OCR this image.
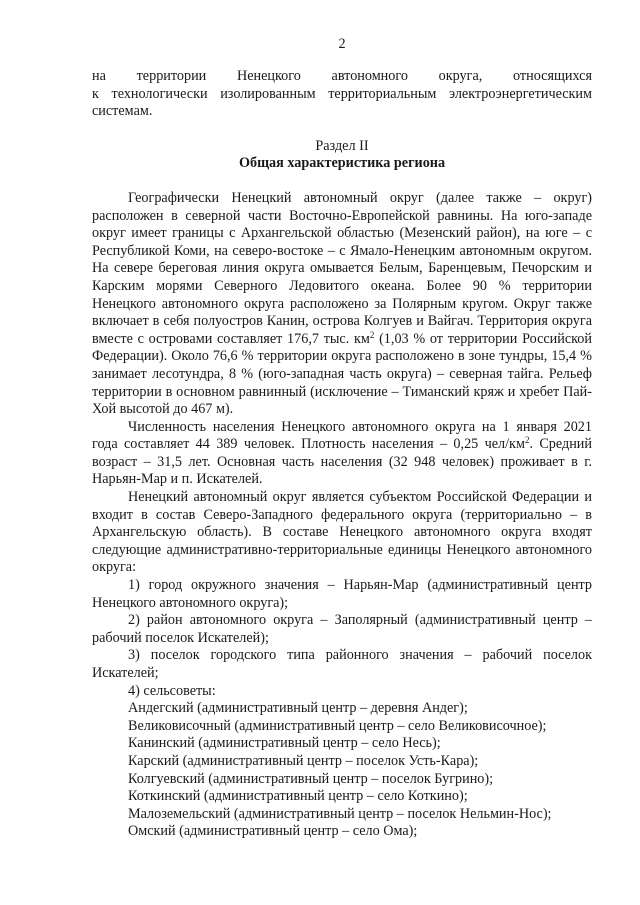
2

на территории Ненецкого автономного округа, относящихся

к технологически изолированным территориальным электроэнергетическим системам.

Раздел II

Общая характеристика региона

Географически Ненецкий автономный округ (далее также – округ) расположен в северной части Восточно-Европейской равнины. На юго-западе округ имеет границы с Архангельской областью (Мезенский район), на юге – с Республикой Коми, на северо-востоке – с Ямало-Ненецким автономным округом. На севере береговая линия округа омывается Белым, Баренцевым, Печорским и Карским морями Северного Ледовитого океана. Более 90 % территории Ненецкого автономного округа расположено за Полярным кругом. Округ также включает в себя полуостров Канин, острова Колгуев и Вайгач. Территория округа вместе с островами составляет 176,7 тыс. $км^2$ (1,03 % от территории Российской Федерации). Около 76,6 % территории округа расположено в зоне тундры, 15,4 % занимает лесотундра, 8 % (юго-западная часть округа) – северная тайга. Рельеф территории в основном равнинный (исключение – Тиманский кряж и хребет Пай-Хой высотой до 467 м).

Численность населения Ненецкого автономного округа на 1 января 2021 года составляет 44 389 человек. Плотность населения – 0,25 чел/$км^2$. Средний возраст – 31,5 лет. Основная часть населения (32 948 человек) проживает в г. Нарьян-Мар и п. Искателей.

Ненецкий автономный округ является субъектом Российской Федерации и входит в состав Северо-Западного федерального округа (территориально – в Архангельскую область). В составе Ненецкого автономного округа входят следующие административно-территориальные единицы Ненецкого автономного округа:

1) город окружного значения – Нарьян-Мар (административный центр Ненецкого автономного округа);

2) район автономного округа – Заполярный (административный центр – рабочий поселок Искателей);

3) поселок городского типа районного значения – рабочий поселок Искателей;

4) сельсоветы:

Андегский (административный центр – деревня Андег);

Великовисочный (административный центр – село Великовисочное);

Канинский (административный центр – село Несь);

Карский (административный центр – поселок Усть-Кара);

Колгуевский (административный центр – поселок Бугрино);

Коткинский (административный центр – село Коткино);

Малоземельский (административный центр – поселок Нельмин-Нос);

Омский (административный центр – село Ома);
